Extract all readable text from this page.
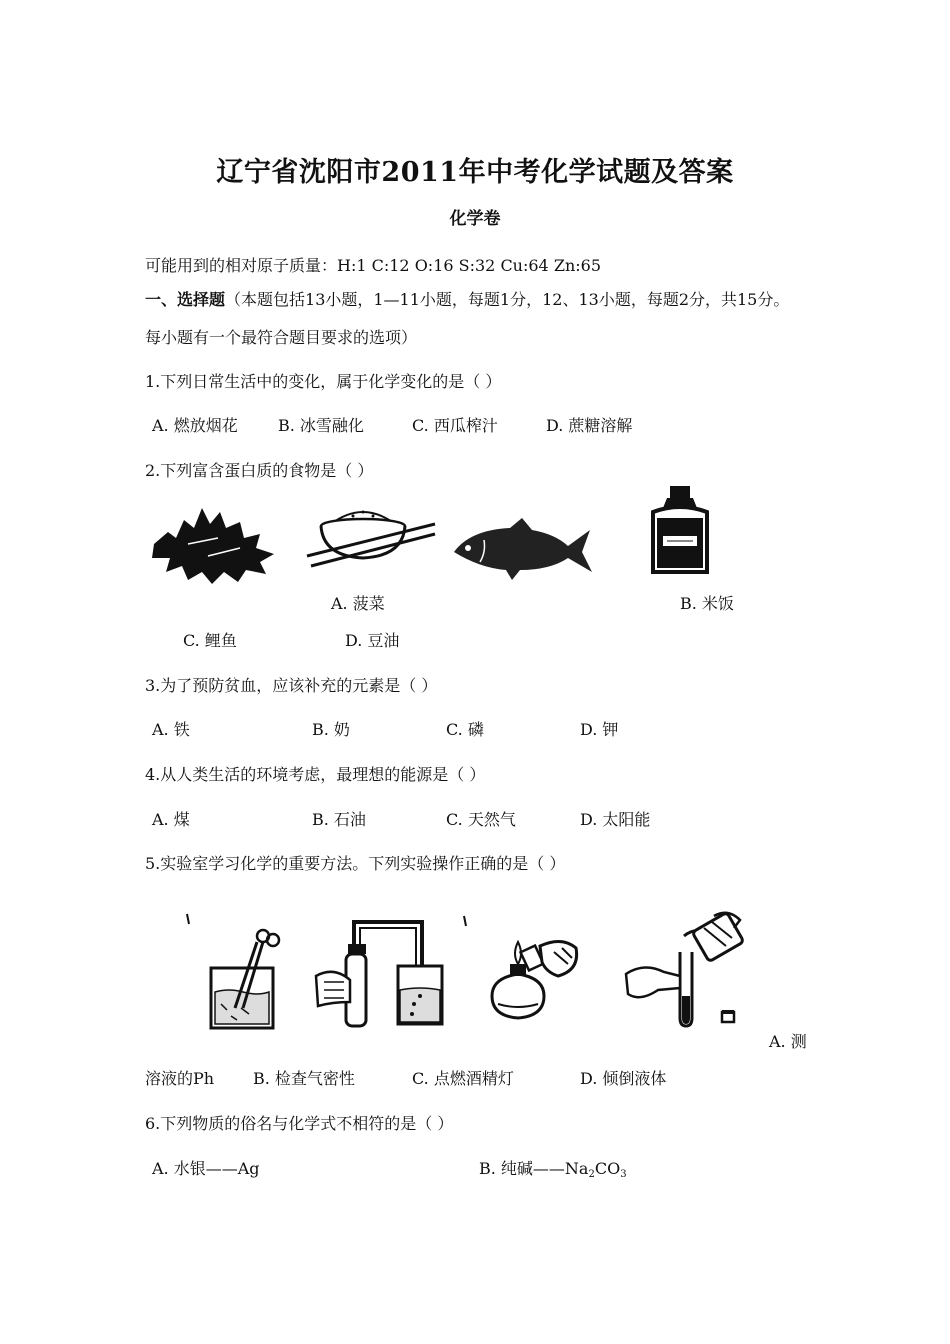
辽宁省沈阳市2011年中考化学试题及答案
化学卷
可能用到的相对原子质量：H:1 C:12 O:16 S:32 Cu:64 Zn:65
一、选择题（本题包括13小题，1—11小题，每题1分，12、13小题，每题2分，共15分。
每小题有一个最符合题目要求的选项）
1.下列日常生活中的变化，属于化学变化的是（ ）
A. 燃放烟花	B. 冰雪融化	C. 西瓜榨汁	D. 蔗糖溶解
2.下列富含蛋白质的食物是（ ）
A. 菠菜	B. 米饭
C. 鲤鱼	D. 豆油
3.为了预防贫血，应该补充的元素是（ ）
A. 铁	B. 奶	C. 磷	D. 钾
4.从人类生活的环境考虑，最理想的能源是（ ）
A. 煤	B. 石油	C. 天然气	D. 太阳能
5.实验室学习化学的重要方法。下列实验操作正确的是（ ）
A. 测
溶液的Ph B. 检查气密性	C. 点燃酒精灯	D. 倾倒液体
6.下列物质的俗名与化学式不相符的是（ ）
A. 水银——Ag	B. 纯碱$——Na_2CO_3$
